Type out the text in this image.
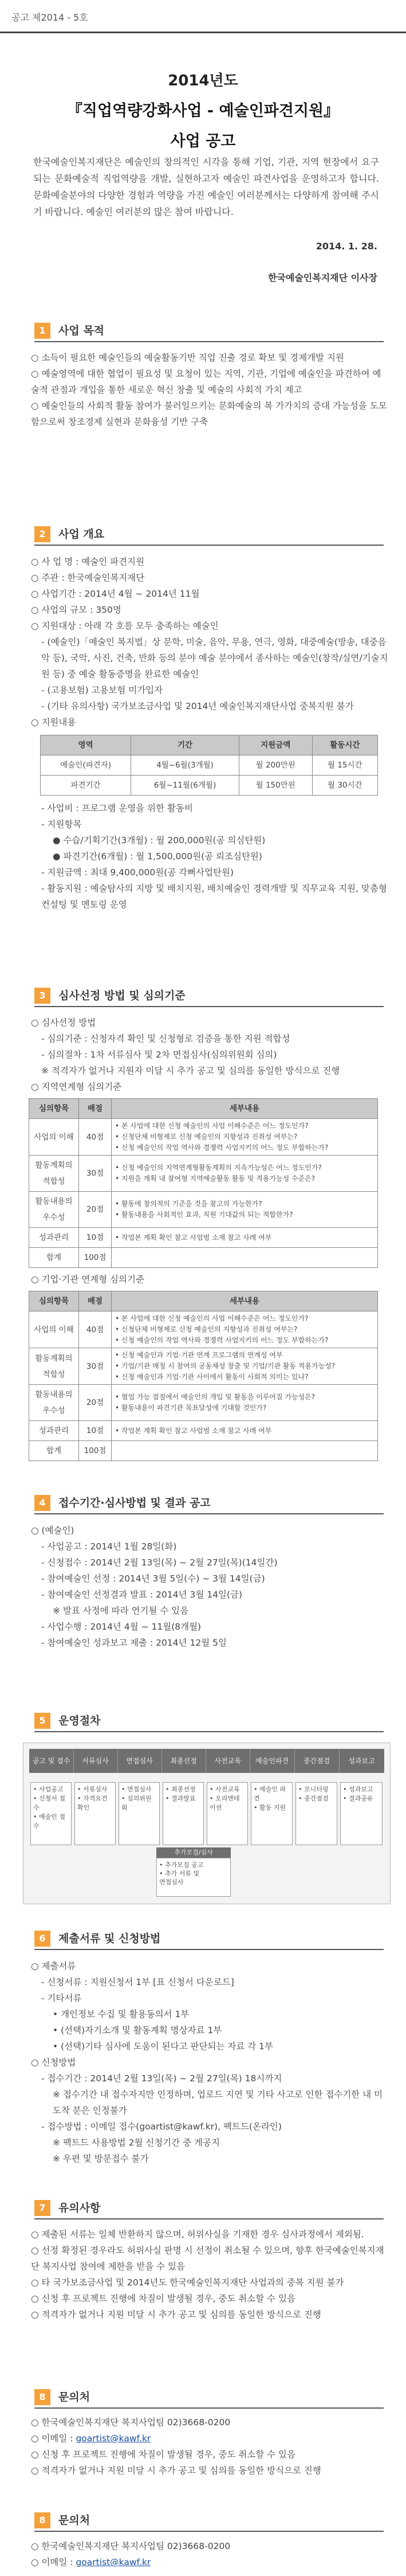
공고 제2014 - 5호
2014년도
『직업역량강화사업 - 예술인파견지원』
사업 공고
한국예술인복지재단은 예술인의 창의적인 시각을 통해 기업, 기관, 지역 현장에서 요구되는 문화예술적 직업역량을 개발, 실현하고자 예술인 파견사업을 운영하고자 합니다. 문화예술분야의 다양한 경험과 역량을 가진 예술인 여러분께서는 다양하게 참여해 주시기 바랍니다. 예술인 여러분의 많은 참여 바랍니다.
2014. 1. 28.
한국예술인복지재단 이사장
1	사업 목적

○ 소득이 필요한 예술인들의 예술활동기반 직업 진출 경로 확보 및 경제개발 지원

○ 예술영역에 대한 협업이 필요성 및 요청이 있는 지역, 기관, 기업에 예술인을 파견하여 예술적 관점과 개입을 통한 새로운 혁신 창출 및 예술의 사회적 가치 제고

○ 예술인들의 사회적 활동 참여가 불러일으키는 문화예술의 복 가가치의 증대 가능성을 도모함으로써 창조경제 실현과 문화융성 기반 구축

2	사업 개요

○ 사 업 명 : 예술인 파견지원

○ 주관 : 한국예술인복지재단

○ 사업기간 : 2014년 4월 ~ 2014년 11월

○ 사업의 규모 : 350명

○ 지원대상 : 아래 각 호를 모두 충족하는 예술인

- (예술인)「예술인 복지법」상 문학, 미술, 음악, 무용, 연극, 영화, 대중예술(방송, 대중음악 등), 국악, 사진, 건축, 만화 등의 분야 예술 분야에서 종사하는 예술인(창작/실연/기술지원 등) 중 예술 활동증명을 완료한 예술인

- (고용보험) 고용보험 미가입자

- (기타 유의사항) 국가보조금사업 및 2014년 예술인복지재단사업 중복지원 불가

○ 지원내용

영역	기간	지원금액	활동시간
예술인(파견자)	4월~6월(3개월)	월 200만원	월 15시간
파견기간	6월~11월(6개월)	월 150만원	월 30시간

- 사업비 : 프로그램 운영을 위한 활동비

- 지원항목

● 수습/기획기간(3개월) : 월 200,000원(공 의심탄원)

● 파견기간(6개월) : 월 1,500,000원(공 뢰조심탄원)

- 지원금액 : 최대 9,400,000원(공 각뻐사업탄원)

- 활동지원 : 예술탐사의 지방 및 배치지원, 배치예술인 경력개발 및 직무교육 지원, 맞춤형 컨설팅 및 멘토링 운영

3	심사선정 방법 및 심의기준

○ 심사선정 방법

- 심의기준 : 신청자격 확인 및 신청형로 검증을 통한 지원 적합성

- 심의절차 : 1차 서류심사 및 2차 면접심사(심의위원회 심의)

※ 적격자가 없거나 지원자 미달 시 추가 공고 및 심의를 동일한 방식으로 진행

○ 지역연계형 심의기준

심의항목	배점	세부내용
사업의 이해	40점	• 본 사업에 대한 신청 예술인의 사업 이해수준은 어느 정도인가?
• 신청단체 비형제로 신청 예술인의 지향성과 진취성 여부는?
• 신청 예술인의 작업 역사와 경쟁력 사업지키의 어느 정도 부합하는가?
활동계획의 적합성	30점	• 신청 예술인의 지역연계형활동계획의 지속가능성은 어느 정도인가?
• 지원을 계획 내 참여형 지역예술활동 활동 및 적용가능성 수준은?
활동내용의 우수성	20점	• 활동에 창의적의 기준을 것을 참고의 가능한가?
• 활동내용을 사회적인 효과, 직원 기대값의 되는 적합한가?
성과관리	10점	• 작업본 계획 확인 참고 사업범 소재 참고 사례 여부
합계	100점	

○ 기업·기관 연계형 심의기준

심의항목	배점	세부내용
사업의 이해	40점	• 본 사업에 대한 신청 예술인의 사업 이해수준은 어느 정도인가?
• 신청단체 비형제로 신청 예술인의 지향성과 진취성 여부는?
• 신청 예술인의 작업 역사와 경쟁력 사업지키의 어느 정도 부합하는가?
활동계획의 적합성	30점	• 신청 예술인과 기업·기관 연계 프로그램의 연계성 여부
• 기업/기관 매칭 시 참여의 공동체성 창출 및 기업/기관 활동 적용가능성?
• 신청 예술인과 기업·기관 사이에서 활동이 사회적 의미는 있나?
활동내용의 우수성	20점	• 협업 가능 접점에서 예술인의 개입 및 활동을 이루어질 가능성은?
• 활동내용이 파견기관 목표달성에 기대할 것인가?
성과관리	10점	• 작업본 계획 확인 참고 사업범 소재 참고 사례 여부
합계	100점	
4	접수기간·심사방법 및 결과 공고

○ (예술인)

- 사업공고 : 2014년 1월 28일(화)

- 신청접수 : 2014년 2월 13일(목) ~ 2월 27일(목)(14일간)

- 참여예술인 선정 : 2014년 3월 5일(수) ~ 3월 14일(금)

- 참여예술인 선정결과 발표 : 2014년 3월 14일(금)

※ 발표 사정에 따라 연기될 수 있음

- 사업수행 : 2014년 4월 ~ 11월(8개월)

- 참여예술인 성과보고 제출 : 2014년 12월 5일

5	운영절차
공고 및 접수	서류심사	면접심사	최종선정	사전교육	예술인파견	중간점검	성과보고
• 사업공고
• 신청서 접수
• 예술인 접수
• 서류심사
• 자격요건 확인
• 면접심사
• 심의위원회
• 최종선정
• 결과발표
• 사전교육
• 오리엔테이션
• 예술인 파견
• 활동 지원
• 모니터링
• 중간점검
• 성과보고
• 결과공유
추가모집/심사
• 추가모집 공고
• 추가 서류 및
면접심사
6	제출서류 및 신청방법

○ 제출서류

- 신청서류 : 지원신청서 1부 [표 신청서 다운로드]

- 기타서류

• 개인정보 수집 및 활용동의서 1부

• (선택)자기소개 및 활동계획 명상자료 1부

• (선택)기타 심사에 도움이 된다고 판단되는 자료 각 1부

○ 신청방법

- 접수기간 : 2014년 2월 13일(목) ~ 2월 27일(목) 18시까지

※ 접수기간 내 접수자지만 인정하며, 업로드 지연 및 기타 사고로 인한 접수기한 내 미도착 분은 인정불가

- 접수방법 : 이메일 접수(goartist@kawf.kr), 팩트드(온라인)

※ 팩트드 사용방법 2월 신청기간 중 게공지

※ 우편 및 방문접수 불가

7	유의사항

○ 제출된 서류는 일체 반환하지 않으며, 허위사실을 기재한 경우 심사과정에서 제외됨.

○ 선정 확정된 경우라도 허위사실 판명 시 선정이 취소될 수 있으며, 향후 한국예술인복지재단 복지사업 참여에 제한을 받을 수 있음

○ 타 국가보조금사업 및 2014년도 한국예술인복지재단 사업과의 중복 지원 불가

○ 신청 후 프로젝트 진행에 차질이 발생될 경우, 중도 취소할 수 있음

○ 적격자가 없거나 지원 미달 시 추가 공고 및 심의를 동일한 방식으로 진행

8	문의처

○ 한국예술인복지재단 복지사업팀 02)3668-0200

○ 이메일 : goartist@kawf.kr

○ 신청 후 프로젝트 진행에 차질이 발생될 경우, 중도 취소할 수 있음

○ 적격자가 없거나 지원 미달 시 추가 공고 및 심의를 동일한 방식으로 진행

8	문의처

○ 한국예술인복지재단 복지사업팀 02)3668-0200

○ 이메일 : goartist@kawf.kr
